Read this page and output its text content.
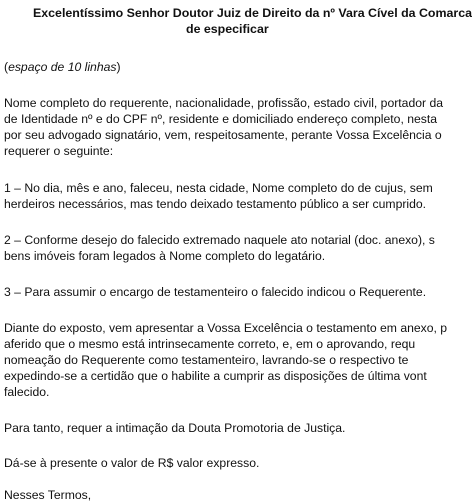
Excelentíssimo Senhor Doutor Juiz de Direito da nº Vara Cível da Comarca
de especificar
(espaço de 10 linhas)
Nome completo do requerente, nacionalidade, profissão, estado civil, portador da
de Identidade nº e do CPF nº, residente e domiciliado endereço completo, nesta
por seu advogado signatário, vem, respeitosamente, perante Vossa Excelência o
requerer o seguinte:
1 – No dia, mês e ano, faleceu, nesta cidade, Nome completo do de cujus, sem
herdeiros necessários, mas tendo deixado testamento público a ser cumprido.
2 – Conforme desejo do falecido extremado naquele ato notarial (doc. anexo), s
bens imóveis foram legados à Nome completo do legatário.
3 – Para assumir o encargo de testamenteiro o falecido indicou o Requerente.
Diante do exposto, vem apresentar a Vossa Excelência o testamento em anexo, p
aferido que o mesmo está intrinsecamente correto, e, em o aprovando, requ
nomeação do Requerente como testamenteiro, lavrando-se o respectivo te
expedindo-se a certidão que o habilite a cumprir as disposições de última vont
falecido.
Para tanto, requer a intimação da Douta Promotoria de Justiça.
Dá-se à presente o valor de R$ valor expresso.
Nesses Termos,
